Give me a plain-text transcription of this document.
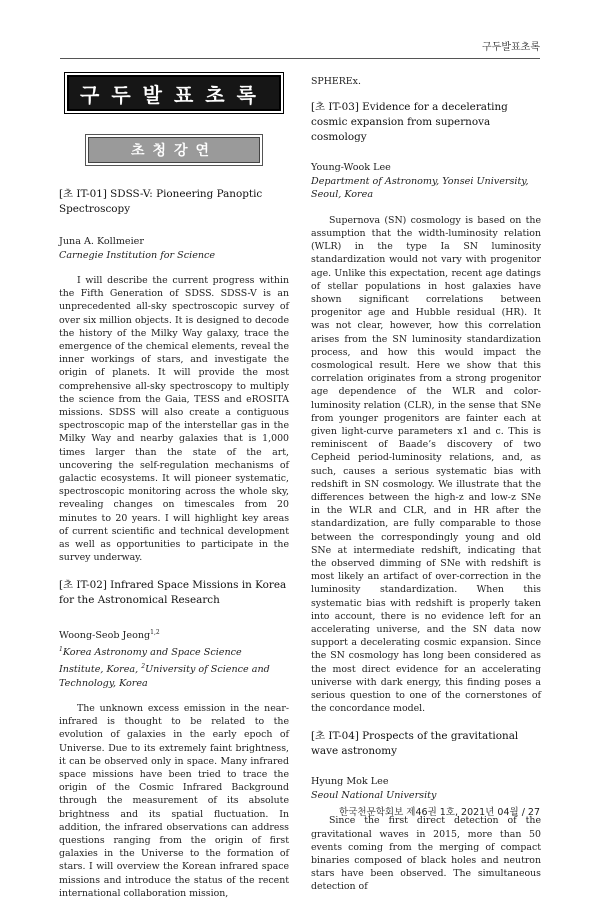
구두발표초록
구두발표초록
초청강연

[초 IT-01] SDSS-V: Pioneering Panoptic Spectroscopy

Juna A. Kollmeier

Carnegie Institution for Science

I will describe the current progress within the Fifth Generation of SDSS. SDSS-V is an unprecedented all-sky spectroscopic survey of over six million objects. It is designed to decode the history of the Milky Way galaxy, trace the emergence of the chemical elements, reveal the inner workings of stars, and investigate the origin of planets. It will provide the most comprehensive all-sky spectroscopy to multiply the science from the Gaia, TESS and eROSITA missions. SDSS will also create a contiguous spectroscopic map of the interstellar gas in the Milky Way and nearby galaxies that is 1,000 times larger than the state of the art, uncovering the self-regulation mechanisms of galactic ecosystems. It will pioneer systematic, spectroscopic monitoring across the whole sky, revealing changes on timescales from 20 minutes to 20 years. I will highlight key areas of current scientific and technical development as well as opportunities to participate in the survey underway.

[초 IT-02] Infrared Space Missions in Korea for the Astronomical Research

Woong-Seob Jeong$^{1,2}$

$^1$Korea Astronomy and Space Science Institute, Korea, $^2$University of Science and Technology, Korea

The unknown excess emission in the near-infrared is thought to be related to the evolution of galaxies in the early epoch of Universe. Due to its extremely faint brightness, it can be observed only in space. Many infrared space missions have been tried to trace the origin of the Cosmic Infrared Background through the measurement of its absolute brightness and its spatial fluctuation. In addition, the infrared observations can address questions ranging from the origin of first galaxies in the Universe to the formation of stars. I will overview the Korean infrared space missions and introduce the status of the recent international collaboration mission,

SPHEREx.

[초 IT-03] Evidence for a decelerating cosmic expansion from supernova cosmology

Young-Wook Lee

Department of Astronomy, Yonsei University, Seoul, Korea

Supernova (SN) cosmology is based on the assumption that the width-luminosity relation (WLR) in the type Ia SN luminosity standardization would not vary with progenitor age. Unlike this expectation, recent age datings of stellar populations in host galaxies have shown significant correlations between progenitor age and Hubble residual (HR). It was not clear, however, how this correlation arises from the SN luminosity standardization process, and how this would impact the cosmological result. Here we show that this correlation originates from a strong progenitor age dependence of the WLR and color-luminosity relation (CLR), in the sense that SNe from younger progenitors are fainter each at given light-curve parameters x1 and c. This is reminiscent of Baade’s discovery of two Cepheid period-luminosity relations, and, as such, causes a serious systematic bias with redshift in SN cosmology. We illustrate that the differences between the high-z and low-z SNe in the WLR and CLR, and in HR after the standardization, are fully comparable to those between the correspondingly young and old SNe at intermediate redshift, indicating that the observed dimming of SNe with redshift is most likely an artifact of over-correction in the luminosity standardization. When this systematic bias with redshift is properly taken into account, there is no evidence left for an accelerating universe, and the SN data now support a decelerating cosmic expansion. Since the SN cosmology has long been considered as the most direct evidence for an accelerating universe with dark energy, this finding poses a serious question to one of the cornerstones of the concordance model.

[초 IT-04] Prospects of the gravitational wave astronomy

Hyung Mok Lee

Seoul National University

Since the first direct detection of the gravitational waves in 2015, more than 50 events coming from the merging of compact binaries composed of black holes and neutron stars have been observed. The simultaneous detection of

한국천문학회보 제46권 1호, 2021년 04월 / 27
